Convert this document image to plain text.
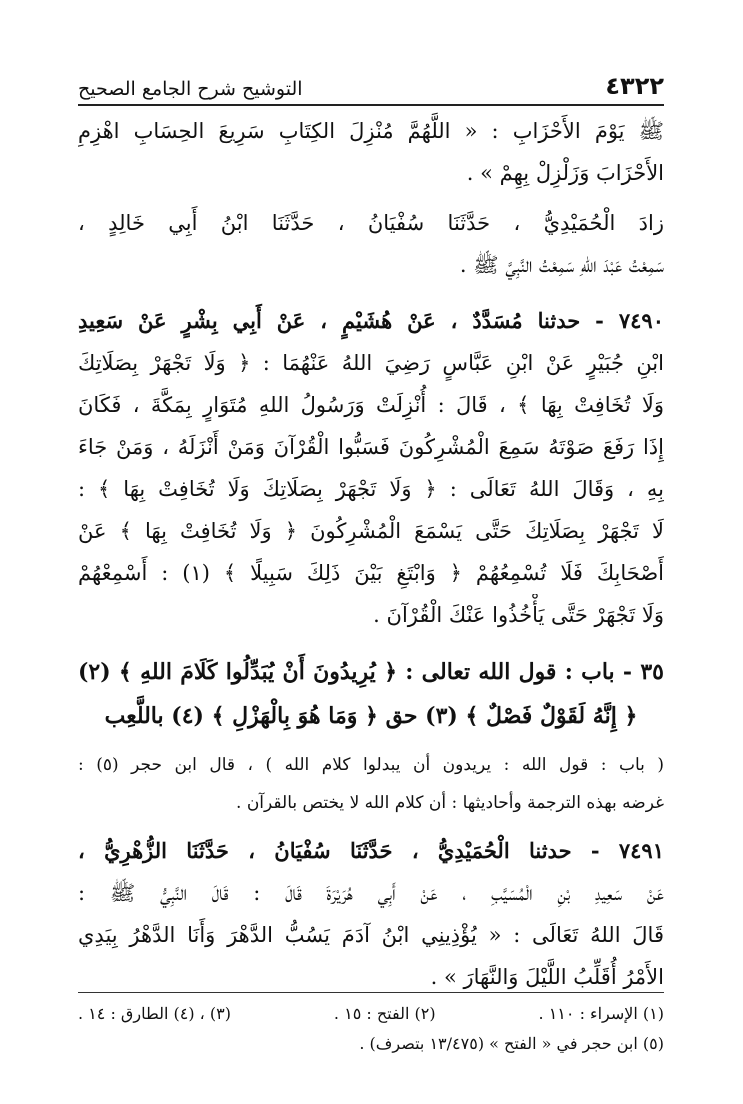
٤٣٢٢
التوشيح شرح الجامع الصحيح
ﷺ يَوْمَ الأَحْزَابِ : « اللَّهُمَّ مُنْزِلَ الكِتَابِ سَرِيعَ الحِسَابِ اهْزِمِ
الأَحْزَابَ وَزَلْزِلْ بِهِمْ » .
زادَ الْحُمَيْدِيُّ ، حَدَّثَنَا سُفْيَانُ ، حَدَّثَنَا ابْنُ أَبِي خَالِدٍ ،
سَمِعْتُ عَبْدَ اللهِ سَمِعْتُ النَّبِيَّ ﷺ .
٧٤٩٠ - حدثنا مُسَدَّدٌ ، عَنْ هُشَيْمٍ ، عَنْ أَبِي بِشْرٍ عَنْ سَعِيدِ
ابْنِ جُبَيْرٍ عَنْ ابْنِ عَبَّاسٍ رَضِيَ اللهُ عَنْهُمَا : ﴿ وَلَا تَجْهَرْ بِصَلَاتِكَ
وَلَا تُخَافِتْ بِهَا ﴾ ، قَالَ : أُنْزِلَتْ وَرَسُولُ اللهِ مُتَوَارٍ بِمَكَّةَ ، فَكَانَ
إِذَا رَفَعَ صَوْتَهُ سَمِعَ الْمُشْرِكُونَ فَسَبُّوا الْقُرْآنَ وَمَنْ أَنْزَلَهُ ، وَمَنْ جَاءَ
بِهِ ، وَقَالَ اللهُ تَعَالَى : ﴿ وَلَا تَجْهَرْ بِصَلَاتِكَ وَلَا تُخَافِتْ بِهَا ﴾ :
لَا تَجْهَرْ بِصَلَاتِكَ حَتَّى يَسْمَعَ الْمُشْرِكُونَ ﴿ وَلَا تُخَافِتْ بِهَا ﴾ عَنْ
أَصْحَابِكَ فَلَا تُسْمِعُهُمْ ﴿ وَابْتَغِ بَيْنَ ذَلِكَ سَبِيلًا ﴾ (١) : أَسْمِعْهُمْ
وَلَا تَجْهَرْ حَتَّى يَأْخُذُوا عَنْكَ الْقُرْآنَ .
٣٥ - باب : قول الله تعالى : ﴿ يُرِيدُونَ أَنْ يُبَدِّلُوا كَلَامَ اللهِ ﴾ (٢)
﴿ إِنَّهُ لَقَوْلٌ فَصْلٌ ﴾ (٣) حق ﴿ وَمَا هُوَ بِالْهَزْلِ ﴾ (٤) باللَّعِب
( باب : قول الله : يريدون أن يبدلوا كلام الله ) ، قال ابن حجر (٥) :
غرضه بهذه الترجمة وأحاديثها : أن كلام الله لا يختص بالقرآن .
٧٤٩١ - حدثنا الْحُمَيْدِيُّ ، حَدَّثَنَا سُفْيَانُ ، حَدَّثَنَا الزُّهْرِيُّ ،
عَنْ سَعِيدِ بْنِ الْمُسَيَّبِ ، عَنْ أَبِي هُرَيْرَةَ قَالَ : قَالَ النَّبِيُّ ﷺ :
قَالَ اللهُ تَعَالَى : « يُؤْذِينِي ابْنُ آدَمَ يَسُبُّ الدَّهْرَ وَأَنَا الدَّهْرُ بِيَدِي
الأَمْرُ أُقَلِّبُ اللَّيْلَ وَالنَّهَارَ » .
(١) الإسراء : ١١٠ .
(٢) الفتح : ١٥ .
(٣) ، (٤) الطارق : ١٤ .
(٥) ابن حجر في « الفتح » (١٣/٤٧٥ بتصرف) .
